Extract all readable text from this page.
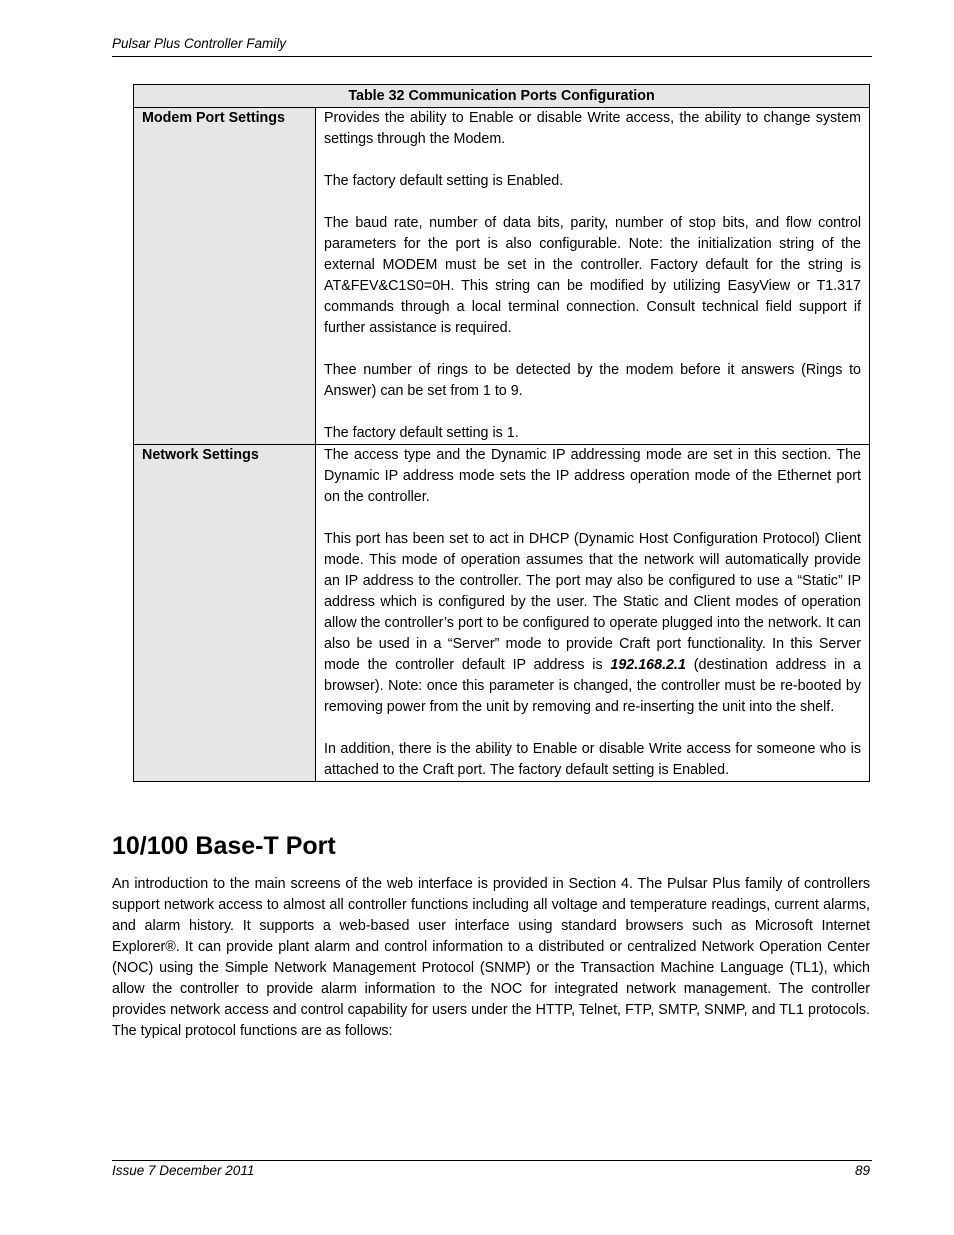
Pulsar Plus Controller Family
Table 32 Communication Ports Configuration	
Modem Port Settings	Provides the ability to Enable or disable Write access, the ability to change system settings through the Modem.

The factory default setting is Enabled.

The baud rate, number of data bits, parity, number of stop bits, and flow control parameters for the port is also configurable. Note: the initialization string of the external MODEM must be set in the controller. Factory default for the string is AT&FEV&C1S0=0H. This string can be modified by utilizing EasyView or T1.317 commands through a local terminal connection. Consult technical field support if further assistance is required.

Thee number of rings to be detected by the modem before it answers (Rings to Answer) can be set from 1 to 9.

The factory default setting is 1.

Network Settings	The access type and the Dynamic IP addressing mode are set in this section. The Dynamic IP address mode sets the IP address operation mode of the Ethernet port on the controller.

This port has been set to act in DHCP (Dynamic Host Configuration Protocol) Client mode. This mode of operation assumes that the network will automatically provide an IP address to the controller. The port may also be configured to use a “Static” IP address which is configured by the user. The Static and Client modes of operation allow the controller’s port to be configured to operate plugged into the network. It can also be used in a “Server” mode to provide Craft port functionality. In this Server mode the controller default IP address is 192.168.2.1 (destination address in a browser). Note: once this parameter is changed, the controller must be re-booted by removing power from the unit by removing and re-inserting the unit into the shelf.

In addition, there is the ability to Enable or disable Write access for someone who is attached to the Craft port. The factory default setting is Enabled.

10/100 Base-T Port

An introduction to the main screens of the web interface is provided in Section 4. The Pulsar Plus family of controllers support network access to almost all controller functions including all voltage and temperature readings, current alarms, and alarm history. It supports a web-based user interface using standard browsers such as Microsoft Internet Explorer®. It can provide plant alarm and control information to a distributed or centralized Network Operation Center (NOC) using the Simple Network Management Protocol (SNMP) or the Transaction Machine Language (TL1), which allow the controller to provide alarm information to the NOC for integrated network management. The controller provides network access and control capability for users under the HTTP, Telnet, FTP, SMTP, SNMP, and TL1 protocols. The typical protocol functions are as follows:

Issue 7 December 2011	89
